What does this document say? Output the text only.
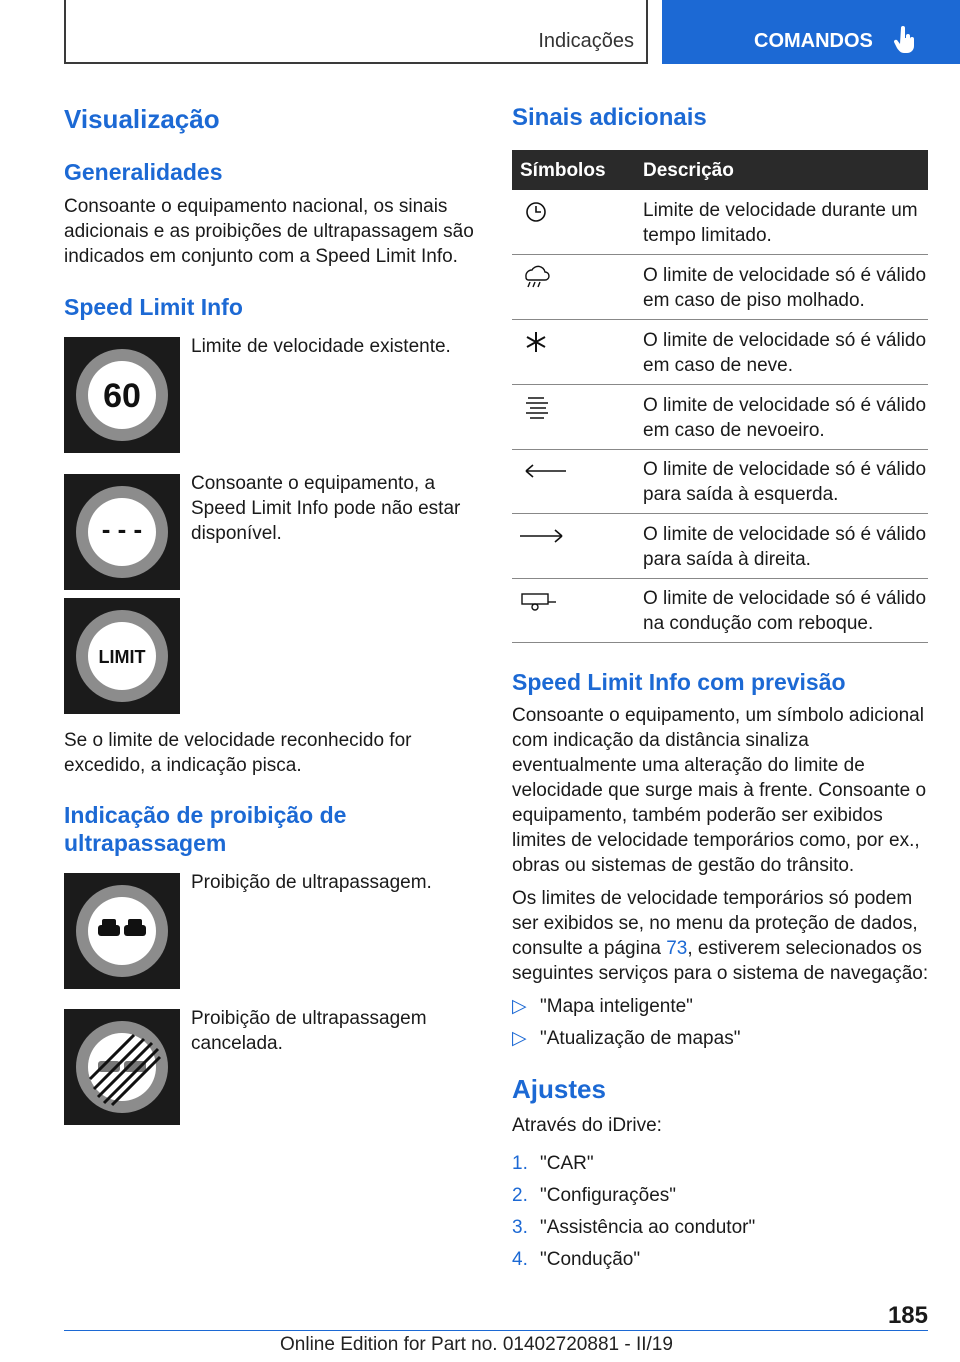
Indicações	COMANDOS
Visualização
Generalidades

Consoante o equipamento nacional, os sinais adicionais e as proibições de ultrapassagem são indicados em conjunto com a Speed Limit Info.

Speed Limit Info
60
Limite de velocidade existente.
- - -
Consoante o equipamento, a Speed Limit Info pode não estar disponível.
LIMIT

Se o limite de velocidade reconhecido for excedido, a indicação pisca.

Indicação de proibição de
ultrapassagem
Proibição de ultrapassagem.
Proibição de ultrapassagem cancelada.
Sinais adicionais
Símbolos Descrição
Limite de velocidade durante um tempo limitado.
O limite de velocidade só é válido em caso de piso molhado.
O limite de velocidade só é válido em caso de neve.
O limite de velocidade só é válido em caso de nevoeiro.
O limite de velocidade só é válido para saída à esquerda.
O limite de velocidade só é válido para saída à direita.
O limite de velocidade só é válido na condução com reboque.
Speed Limit Info com previsão

Consoante o equipamento, um símbolo adicional com indicação da distância sinaliza eventualmente uma alteração do limite de velocidade que surge mais à frente. Consoante o equipamento, também poderão ser exibidos limites de velocidade temporários como, por ex., obras ou sistemas de gestão do trânsito.

Os limites de velocidade temporários só podem ser exibidos se, no menu da proteção de dados, consulte a página 73, estiverem selecionados os seguintes serviços para o sistema de navegação:

▷ "Mapa inteligente"
▷ "Atualização de mapas"
Ajustes

Através do iDrive:

1. "CAR"
2. "Configurações"
3. "Assistência ao condutor"
4. "Condução"
185
Online Edition for Part no. 01402720881 - II/19
